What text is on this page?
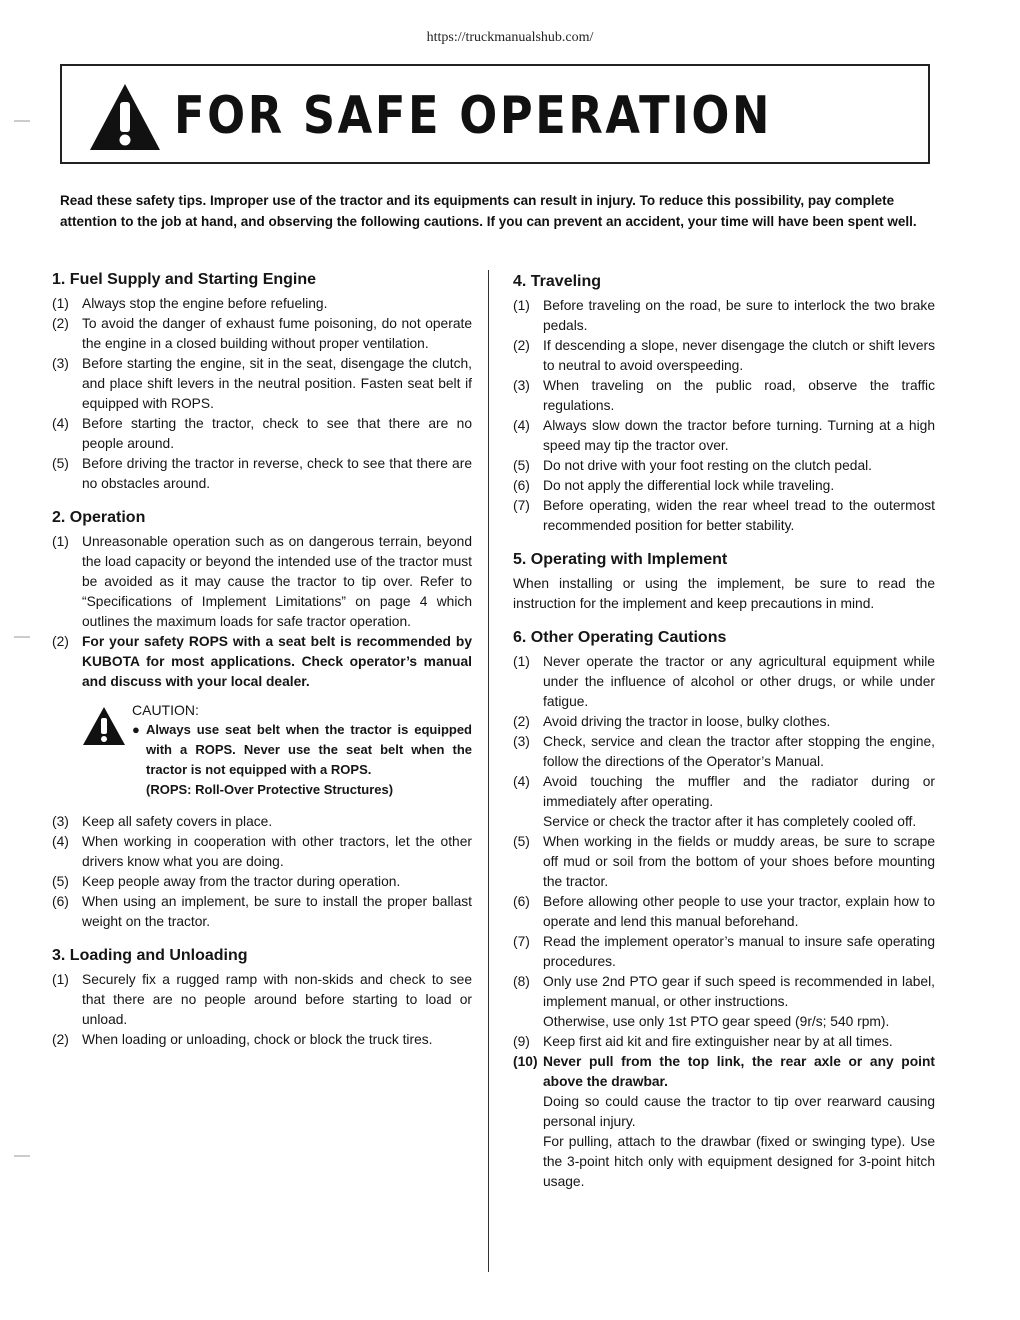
https://truckmanualshub.com/
FOR SAFE OPERATION
Read these safety tips. Improper use of the tractor and its equipments can result in injury. To reduce this possibility, pay complete attention to the job at hand, and observing the following cautions. If you can prevent an accident, your time will have been spent well.
1. Fuel Supply and Starting Engine
(1) Always stop the engine before refueling.
(2) To avoid the danger of exhaust fume poisoning, do not operate the engine in a closed building without proper ventilation.
(3) Before starting the engine, sit in the seat, disengage the clutch, and place shift levers in the neutral position. Fasten seat belt if equipped with ROPS.
(4) Before starting the tractor, check to see that there are no people around.
(5) Before driving the tractor in reverse, check to see that there are no obstacles around.
2. Operation
(1) Unreasonable operation such as on dangerous terrain, beyond the load capacity or beyond the intended use of the tractor must be avoided as it may cause the tractor to tip over. Refer to “Specifications of Implement Limitations” on page 4 which outlines the maximum loads for safe tractor operation.
(2) For your safety ROPS with a seat belt is recommended by KUBOTA for most applications. Check operator’s manual and discuss with your local dealer.
CAUTION:
● Always use seat belt when the tractor is equipped with a ROPS. Never use the seat belt when the tractor is not equipped with a ROPS.
(ROPS: Roll-Over Protective Structures)
(3) Keep all safety covers in place.
(4) When working in cooperation with other tractors, let the other drivers know what you are doing.
(5) Keep people away from the tractor during operation.
(6) When using an implement, be sure to install the proper ballast weight on the tractor.
3. Loading and Unloading
(1) Securely fix a rugged ramp with non-skids and check to see that there are no people around before starting to load or unload.
(2) When loading or unloading, chock or block the truck tires.
4. Traveling
(1) Before traveling on the road, be sure to interlock the two brake pedals.
(2) If descending a slope, never disengage the clutch or shift levers to neutral to avoid overspeeding.
(3) When traveling on the public road, observe the traffic regulations.
(4) Always slow down the tractor before turning. Turning at a high speed may tip the tractor over.
(5) Do not drive with your foot resting on the clutch pedal.
(6) Do not apply the differential lock while traveling.
(7) Before operating, widen the rear wheel tread to the outermost recommended position for better stability.
5. Operating with Implement
When installing or using the implement, be sure to read the instruction for the implement and keep precautions in mind.
6. Other Operating Cautions
(1) Never operate the tractor or any agricultural equipment while under the influence of alcohol or other drugs, or while under fatigue.
(2) Avoid driving the tractor in loose, bulky clothes.
(3) Check, service and clean the tractor after stopping the engine, follow the directions of the Operator’s Manual.
(4) Avoid touching the muffler and the radiator during or immediately after operating.
Service or check the tractor after it has completely cooled off.
(5) When working in the fields or muddy areas, be sure to scrape off mud or soil from the bottom of your shoes before mounting the tractor.
(6) Before allowing other people to use your tractor, explain how to operate and lend this manual beforehand.
(7) Read the implement operator’s manual to insure safe operating procedures.
(8) Only use 2nd PTO gear if such speed is recommended in label, implement manual, or other instructions.
Otherwise, use only 1st PTO gear speed (9r/s; 540 rpm).
(9) Keep first aid kit and fire extinguisher near by at all times.
(10) Never pull from the top link, the rear axle or any point above the drawbar.
Doing so could cause the tractor to tip over rearward causing personal injury.
For pulling, attach to the drawbar (fixed or swinging type). Use the 3-point hitch only with equipment designed for 3-point hitch usage.
